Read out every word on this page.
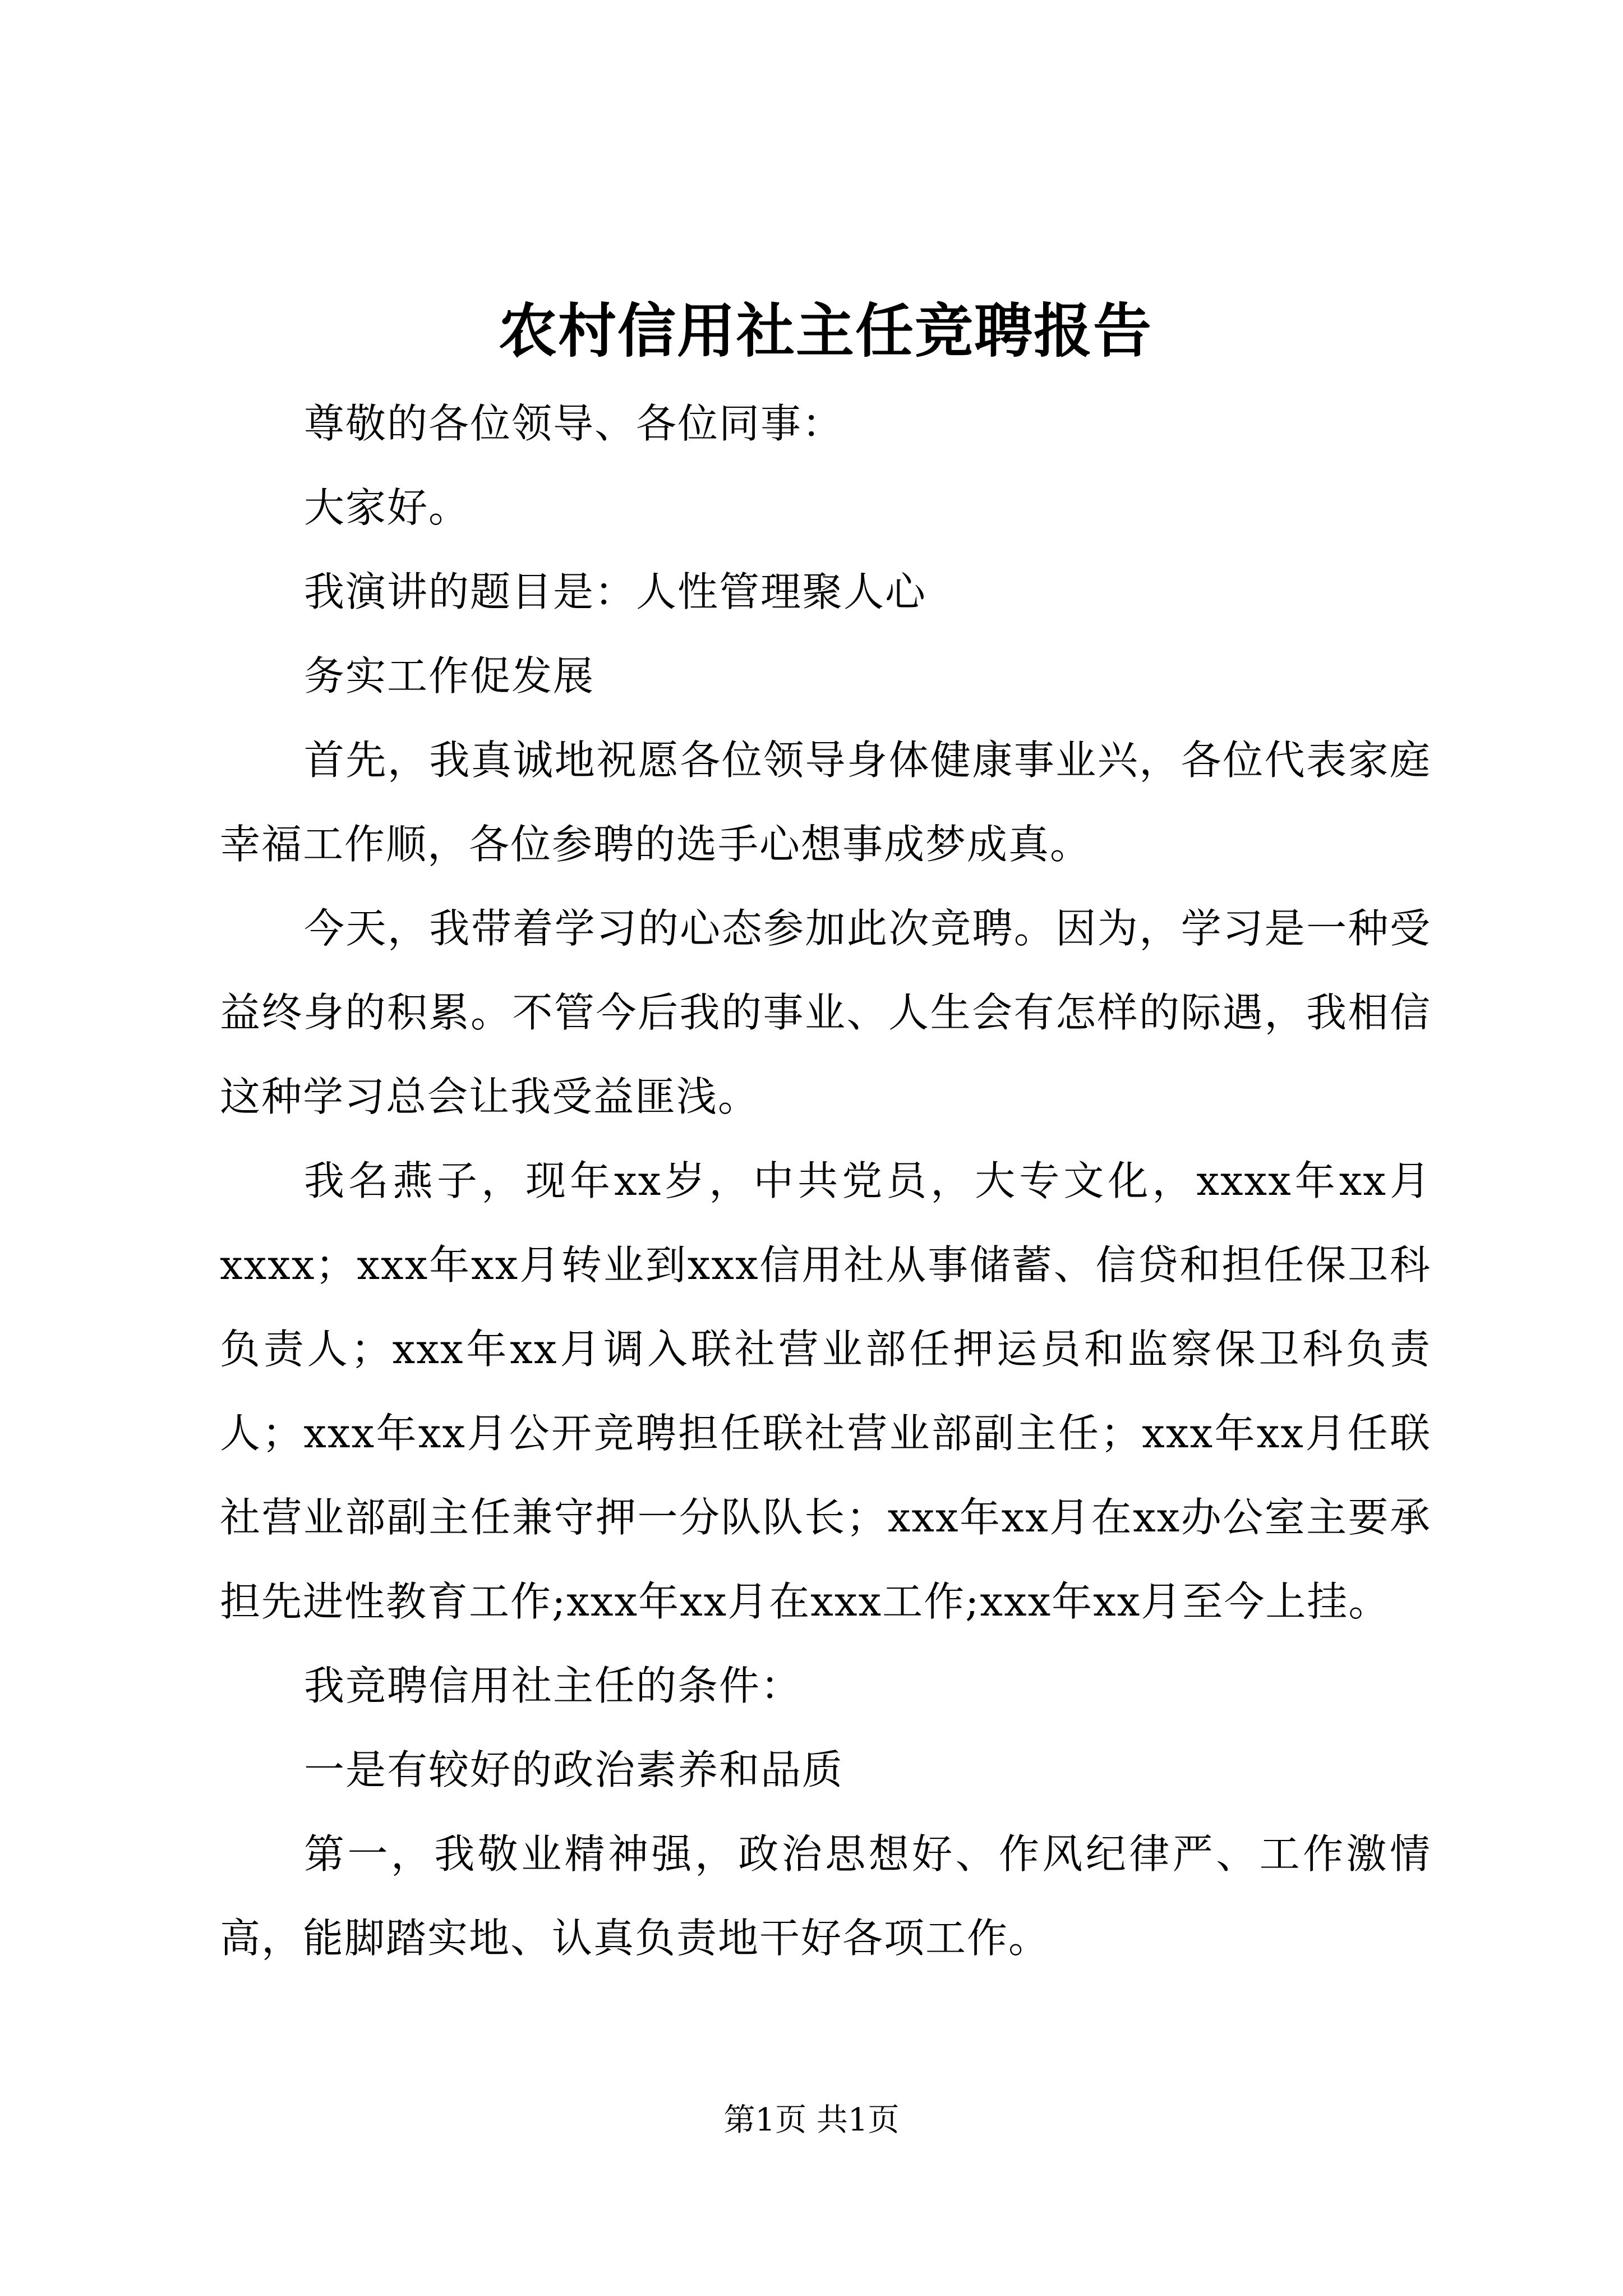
农村信用社主任竞聘报告

尊敬的各位领导、各位同事：

大家好。

我演讲的题目是：人性管理聚人心

务实工作促发展

首先，我真诚地祝愿各位领导身体健康事业兴，各位代表家庭幸福工作顺，各位参聘的选手心想事成梦成真。

今天，我带着学习的心态参加此次竞聘。因为，学习是一种受益终身的积累。不管今后我的事业、人生会有怎样的际遇，我相信这种学习总会让我受益匪浅。

我名燕子，现年xx岁，中共党员，大专文化，xxxx年xx月xxxx；xxx年xx月转业到xxx信用社从事储蓄、信贷和担任保卫科负责人；xxx年xx月调入联社营业部任押运员和监察保卫科负责人；xxx年xx月公开竞聘担任联社营业部副主任；xxx年xx月任联社营业部副主任兼守押一分队队长；xxx年xx月在xx办公室主要承担先进性教育工作;xxx年xx月在xxx工作;xxx年xx月至今上挂。

我竞聘信用社主任的条件：

一是有较好的政治素养和品质

第一，我敬业精神强，政治思想好、作风纪律严、工作激情高，能脚踏实地、认真负责地干好各项工作。

第1页 共1页
